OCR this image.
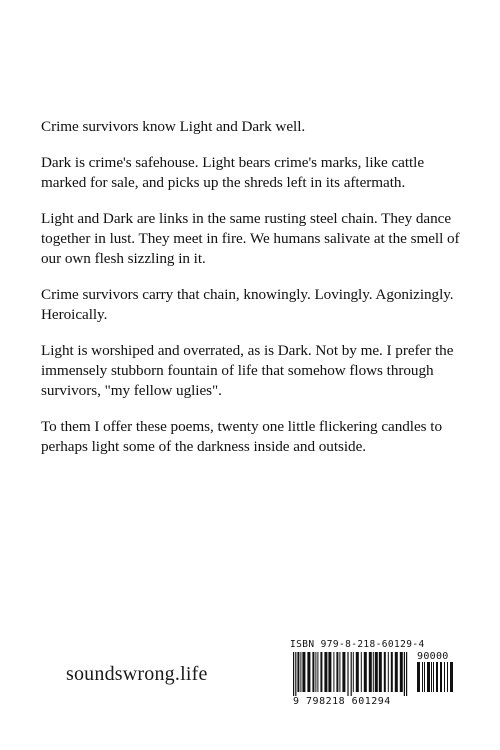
Crime survivors know Light and Dark well.

Dark is crime's safehouse. Light bears crime's marks, like cattle marked for sale, and picks up the shreds left in its aftermath.

Light and Dark are links in the same rusting steel chain. They dance together in lust. They meet in fire. We humans salivate at the smell of our own flesh sizzling in it.

Crime survivors carry that chain, knowingly. Lovingly. Agonizingly. Heroically.

Light is worshiped and overrated, as is Dark. Not by me. I prefer the immensely stubborn fountain of life that somehow flows through survivors, "my fellow uglies".

To them I offer these poems, twenty one little flickering candles to perhaps light some of the darkness inside and outside.

soundswrong.life
ISBN 979-8-218-60129-4
90000
9 798218 601294
